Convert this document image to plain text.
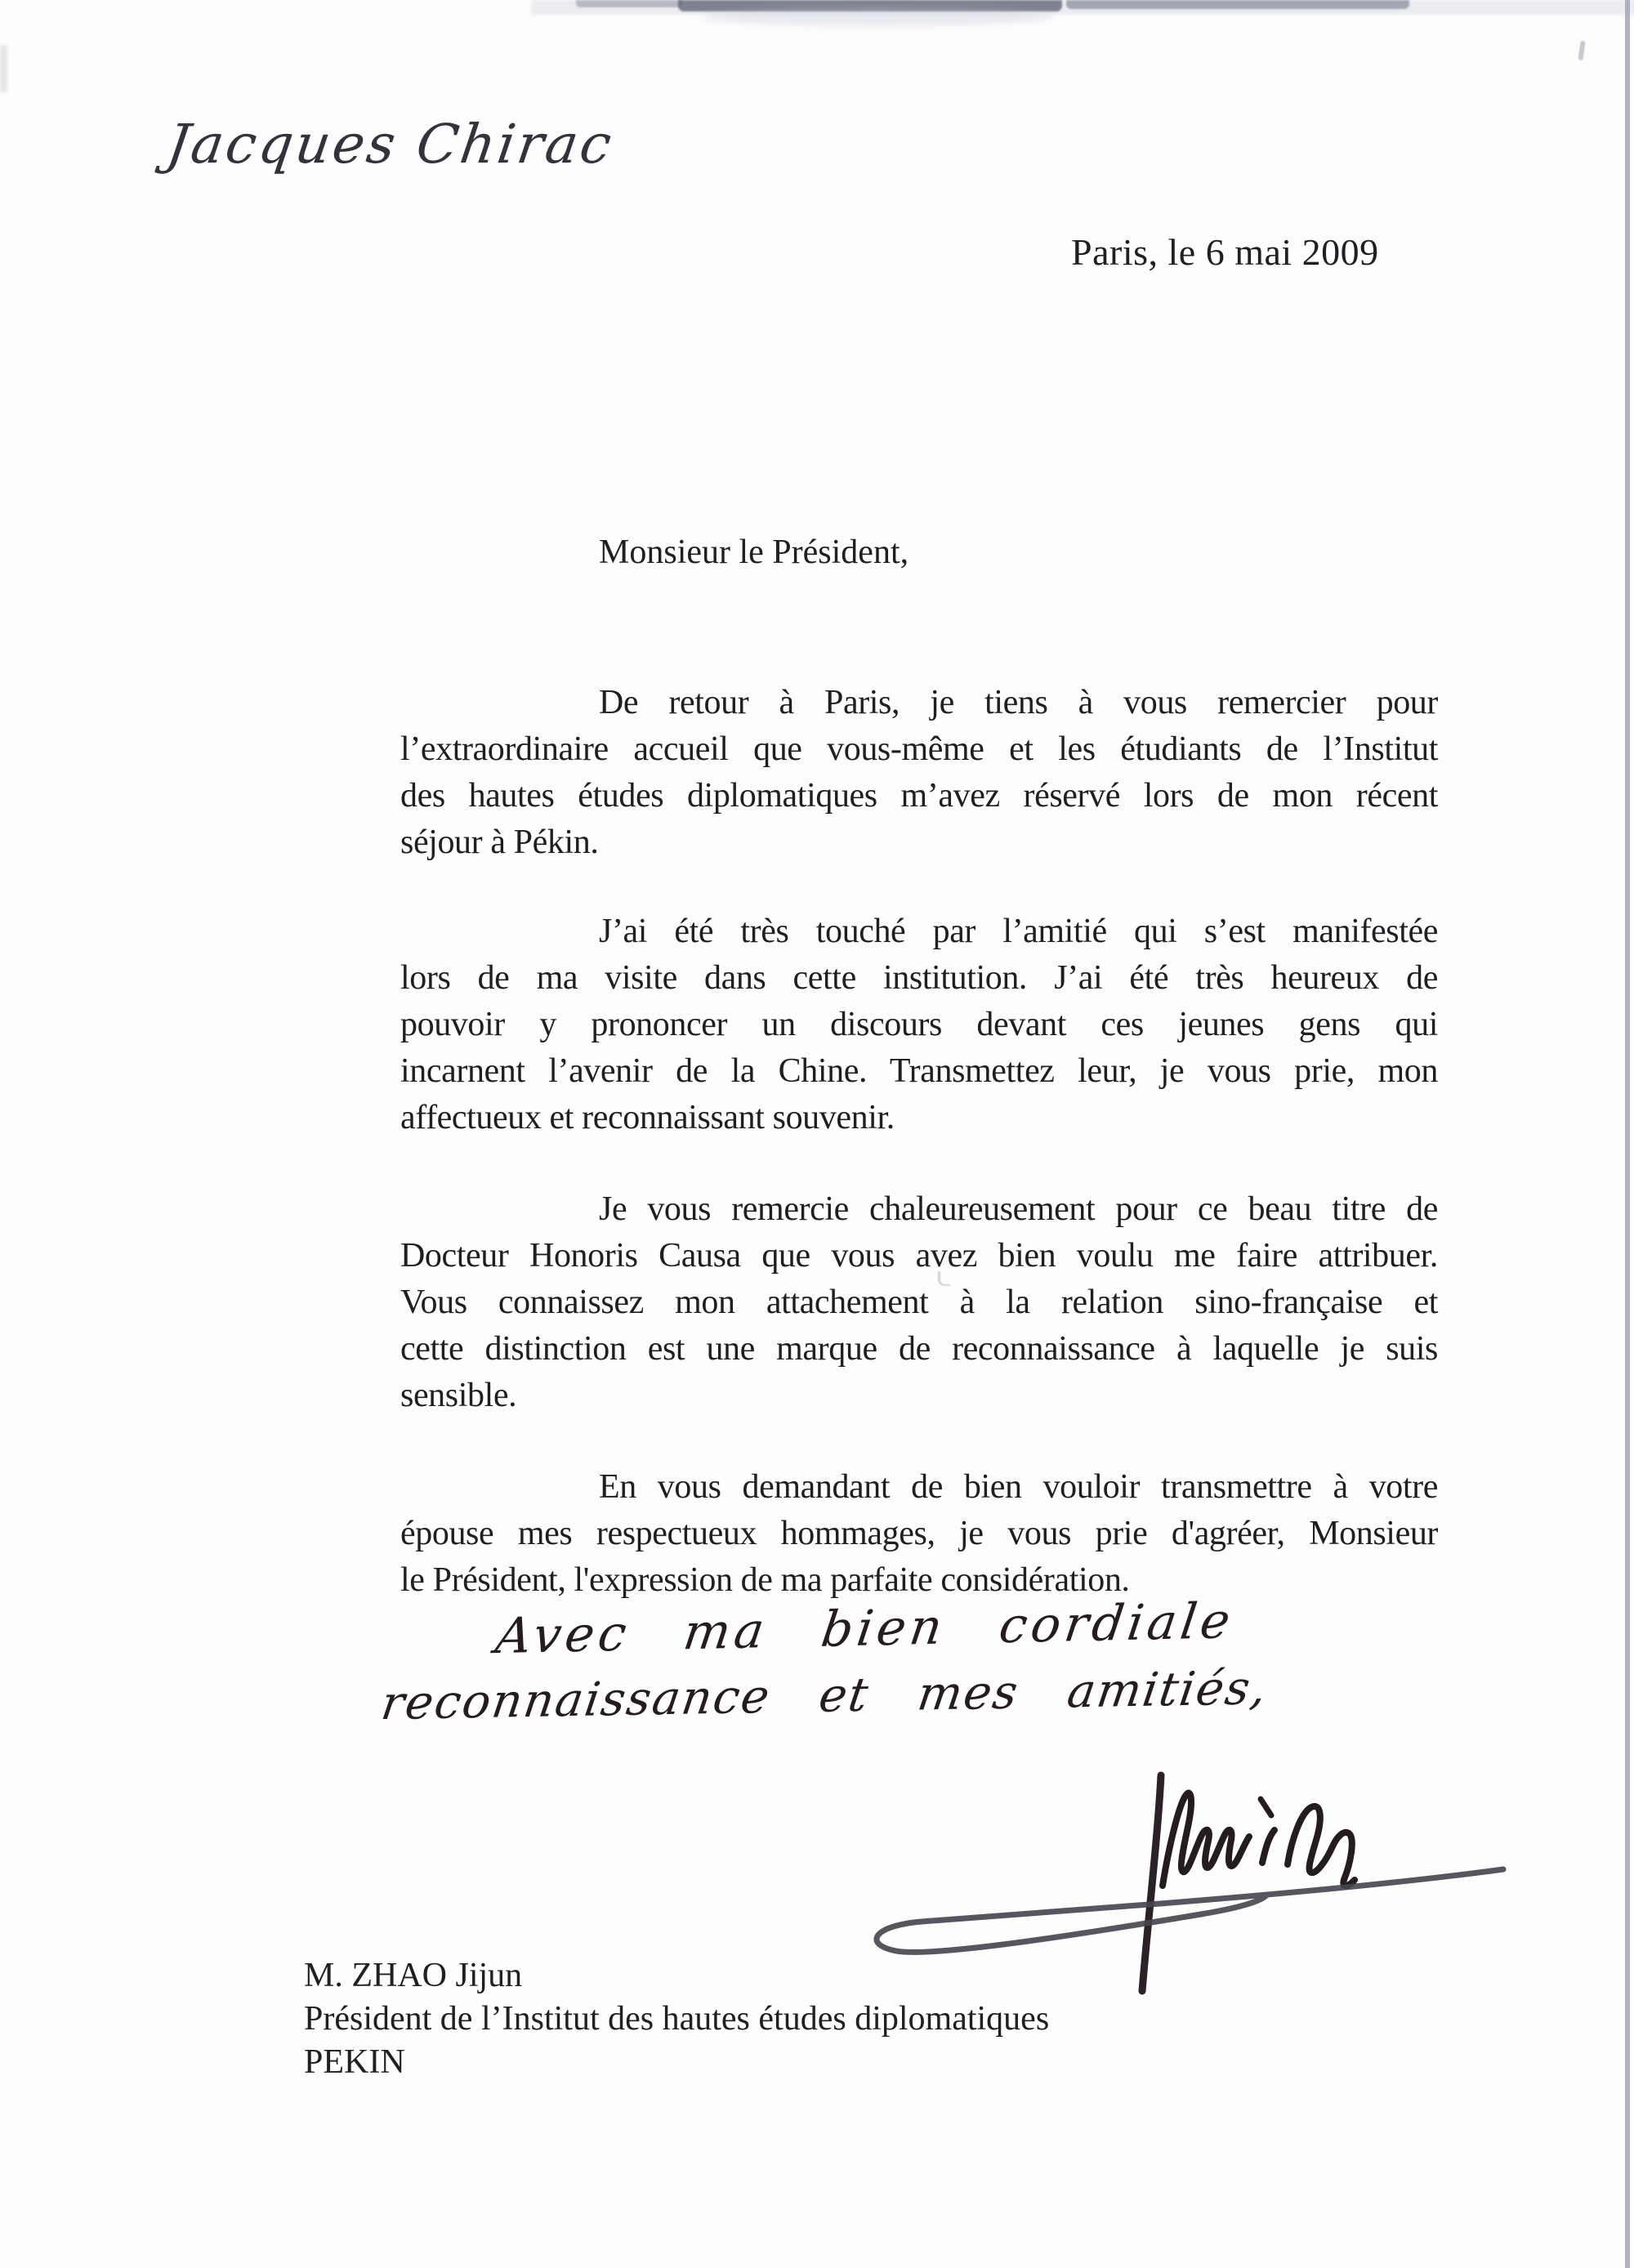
Jacques Chirac
Paris, le 6 mai 2009
Monsieur le Président,
De retour à Paris, je tiens à vous remercier pour
l’extraordinaire accueil que vous-même et les étudiants de l’Institut
des hautes études diplomatiques m’avez réservé lors de mon récent
séjour à Pékin.
J’ai été très touché par l’amitié qui s’est manifestée
lors de ma visite dans cette institution. J’ai été très heureux de
pouvoir y prononcer un discours devant ces jeunes gens qui
incarnent l’avenir de la Chine. Transmettez leur, je vous prie, mon
affectueux et reconnaissant souvenir.
Je vous remercie chaleureusement pour ce beau titre de
Docteur Honoris Causa que vous avez bien voulu me faire attribuer.
Vous connaissez mon attachement à la relation sino-française et
cette distinction est une marque de reconnaissance à laquelle je suis
sensible.
En vous demandant de bien vouloir transmettre à votre
épouse mes respectueux hommages, je vous prie d'agréer, Monsieur
le Président, l'expression de ma parfaite considération.
Avec ma bien cordiale
reconnaissance et mes amitiés,
M. ZHAO Jijun
Président de l’Institut des hautes études diplomatiques
PEKIN
